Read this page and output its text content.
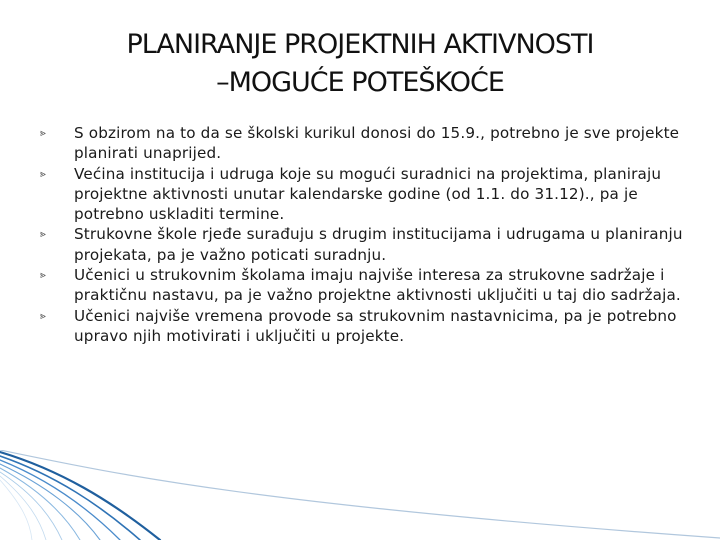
PLANIRANJE PROJEKTNIH AKTIVNOSTI
–MOGUĆE POTEŠKOĆE
⪢ S obzirom na to da se školski kurikul donosi do 15.9., potrebno je sve projekte planirati unaprijed.
⪢ Većina institucija i udruga koje su mogući suradnici na projektima, planiraju projektne aktivnosti unutar kalendarske godine (od 1.1. do 31.12)., pa je potrebno uskladiti termine.
⪢ Strukovne škole rjeđe surađuju s drugim institucijama i udrugama u planiranju projekata, pa je važno poticati suradnju.
⪢ Učenici u strukovnim školama imaju najviše interesa za strukovne sadržaje i praktičnu nastavu, pa je važno projektne aktivnosti uključiti u taj dio sadržaja.
⪢ Učenici najviše vremena provode sa strukovnim nastavnicima, pa je potrebno upravo njih motivirati i uključiti u projekte.
